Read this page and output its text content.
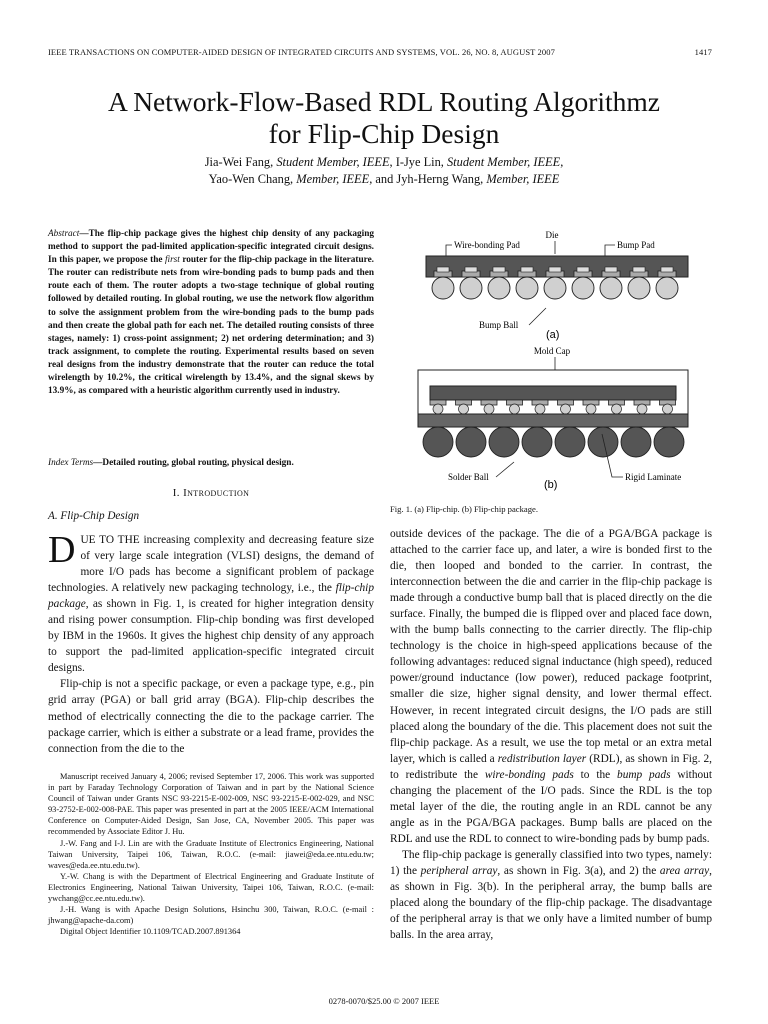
IEEE TRANSACTIONS ON COMPUTER-AIDED DESIGN OF INTEGRATED CIRCUITS AND SYSTEMS, VOL. 26, NO. 8, AUGUST 2007	1417
A Network-Flow-Based RDL Routing Algorithmz
for Flip-Chip Design
Jia-Wei Fang, Student Member, IEEE, I-Jye Lin, Student Member, IEEE,
Yao-Wen Chang, Member, IEEE, and Jyh-Herng Wang, Member, IEEE
Abstract—The flip-chip package gives the highest chip density of any packaging method to support the pad-limited application-specific integrated circuit designs. In this paper, we propose the first router for the flip-chip package in the literature. The router can redistribute nets from wire-bonding pads to bump pads and then route each of them. The router adopts a two-stage technique of global routing followed by detailed routing. In global routing, we use the network flow algorithm to solve the assignment problem from the wire-bonding pads to the bump pads and then create the global path for each net. The detailed routing consists of three stages, namely: 1) cross-point assignment; 2) net ordering determination; and 3) track assignment, to complete the routing. Experimental results based on seven real designs from the industry demonstrate that the router can reduce the total wirelength by 10.2%, the critical wirelength by 13.4%, and the signal skews by 13.9%, as compared with a heuristic algorithm currently used in industry.
Index Terms—Detailed routing, global routing, physical design.
I. Introduction
A. Flip-Chip Design

DUE TO THE increasing complexity and decreasing feature size of very large scale integration (VLSI) designs, the demand of more I/O pads has become a significant problem of package technologies. A relatively new packaging technology, i.e., the flip-chip package, as shown in Fig. 1, is created for higher integration density and rising power consumption. Flip-chip bonding was first developed by IBM in the 1960s. It gives the highest chip density of any approach to support the pad-limited application-specific integrated circuit designs.

Flip-chip is not a specific package, or even a package type, e.g., pin grid array (PGA) or ball grid array (BGA). Flip-chip describes the method of electrically connecting the die to the package carrier. The package carrier, which is either a substrate or a lead frame, provides the connection from the die to the

Manuscript received January 4, 2006; revised September 17, 2006. This work was supported in part by Faraday Technology Corporation of Taiwan and in part by the National Science Council of Taiwan under Grants NSC 93-2215-E-002-009, NSC 93-2215-E-002-029, and NSC 93-2752-E-002-008-PAE. This paper was presented in part at the 2005 IEEE/ACM International Conference on Computer-Aided Design, San Jose, CA, November 2005. This paper was recommended by Associate Editor J. Hu.

J.-W. Fang and I-J. Lin are with the Graduate Institute of Electronics Engineering, National Taiwan University, Taipei 106, Taiwan, R.O.C. (e-mail: jiawei@eda.ee.ntu.edu.tw; waves@eda.ee.ntu.edu.tw).

Y.-W. Chang is with the Department of Electrical Engineering and Graduate Institute of Electronics Engineering, National Taiwan University, Taipei 106, Taiwan, R.O.C. (e-mail: ywchang@cc.ee.ntu.edu.tw).

J.-H. Wang is with Apache Design Solutions, Hsinchu 300, Taiwan, R.O.C. (e-mail : jhwang@apache-da.com)

Digital Object Identifier 10.1109/TCAD.2007.891364

Die
Wire-bonding Pad	Bump Pad
Bump Ball
(a)
Mold Cap
Solder Ball	Rigid Laminate
(b)
Fig. 1. (a) Flip-chip. (b) Flip-chip package.

outside devices of the package. The die of a PGA/BGA package is attached to the carrier face up, and later, a wire is bonded first to the die, then looped and bonded to the carrier. In contrast, the interconnection between the die and carrier in the flip-chip package is made through a conductive bump ball that is placed directly on the die surface. Finally, the bumped die is flipped over and placed face down, with the bump balls connecting to the carrier directly. The flip-chip technology is the choice in high-speed applications because of the following advantages: reduced signal inductance (high speed), reduced power/ground inductance (low power), reduced package footprint, smaller die size, higher signal density, and lower thermal effect. However, in recent integrated circuit designs, the I/O pads are still placed along the boundary of the die. This placement does not suit the flip-chip package. As a result, we use the top metal or an extra metal layer, which is called a redistribution layer (RDL), as shown in Fig. 2, to redistribute the wire-bonding pads to the bump pads without changing the placement of the I/O pads. Since the RDL is the top metal layer of the die, the routing angle in an RDL cannot be any angle as in the PGA/BGA packages. Bump balls are placed on the RDL and use the RDL to connect to wire-bonding pads by bump pads.

The flip-chip package is generally classified into two types, namely: 1) the peripheral array, as shown in Fig. 3(a), and 2) the area array, as shown in Fig. 3(b). In the peripheral array, the bump balls are placed along the boundary of the flip-chip package. The disadvantage of the peripheral array is that we only have a limited number of bump balls. In the area array,

0278-0070/$25.00 © 2007 IEEE
